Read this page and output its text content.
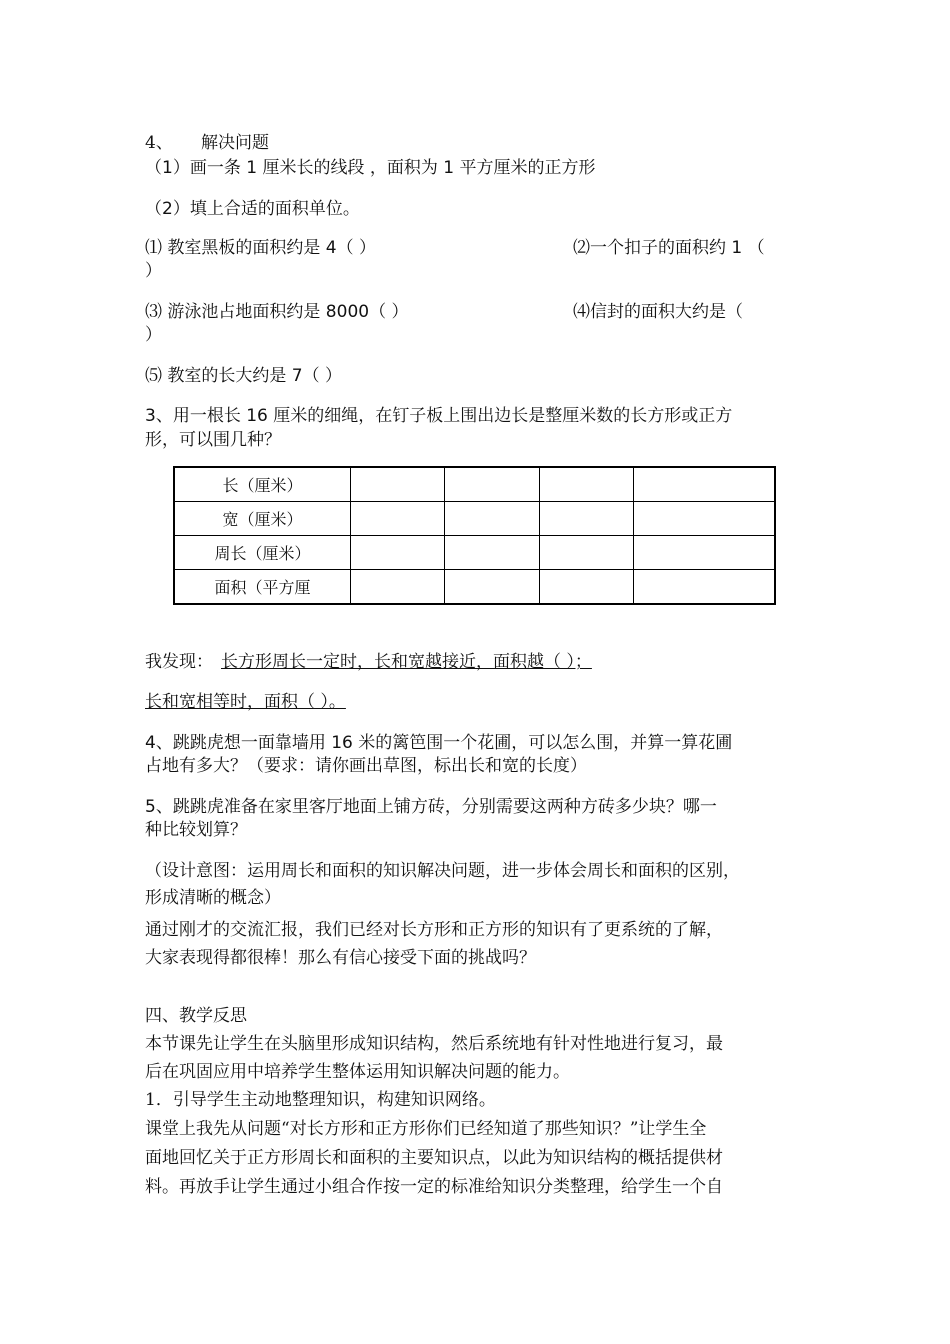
4、 解决问题
（1）画一条 1 厘米长的线段 ，面积为 1 平方厘米的正方形
（2）填上合适的面积单位。
⑴ 教室黑板的面积约是 4（ ）	⑵一个扣子的面积约 1 （
）
⑶ 游泳池占地面积约是 8000（ ）	⑷信封的面积大约是（
）
⑸ 教室的长大约是 7（ ）
3、用一根长 16 厘米的细绳，在钉子板上围出边长是整厘米数的长方形或正方
形，可以围几种？
长（厘米）				
宽（厘米）				
周长（厘米）				
面积（平方厘				
我发现： 长方形周长一定时，长和宽越接近，面积越（ ）；
长和宽相等时，面积（ ）。
4、跳跳虎想一面靠墙用 16 米的篱笆围一个花圃，可以怎么围，并算一算花圃
占地有多大？（要求：请你画出草图，标出长和宽的长度）
5、跳跳虎准备在家里客厅地面上铺方砖，分别需要这两种方砖多少块？哪一
种比较划算？
（设计意图：运用周长和面积的知识解决问题，进一步体会周长和面积的区别，
形成清晰的概念）
通过刚才的交流汇报，我们已经对长方形和正方形的知识有了更系统的了解，
大家表现得都很棒！那么有信心接受下面的挑战吗？
四、教学反思
本节课先让学生在头脑里形成知识结构，然后系统地有针对性地进行复习，最
后在巩固应用中培养学生整体运用知识解决问题的能力。
1．引导学生主动地整理知识，构建知识网络。
课堂上我先从问题“对长方形和正方形你们已经知道了那些知识？”让学生全
面地回忆关于正方形周长和面积的主要知识点，以此为知识结构的概括提供材
料。再放手让学生通过小组合作按一定的标准给知识分类整理，给学生一个自
